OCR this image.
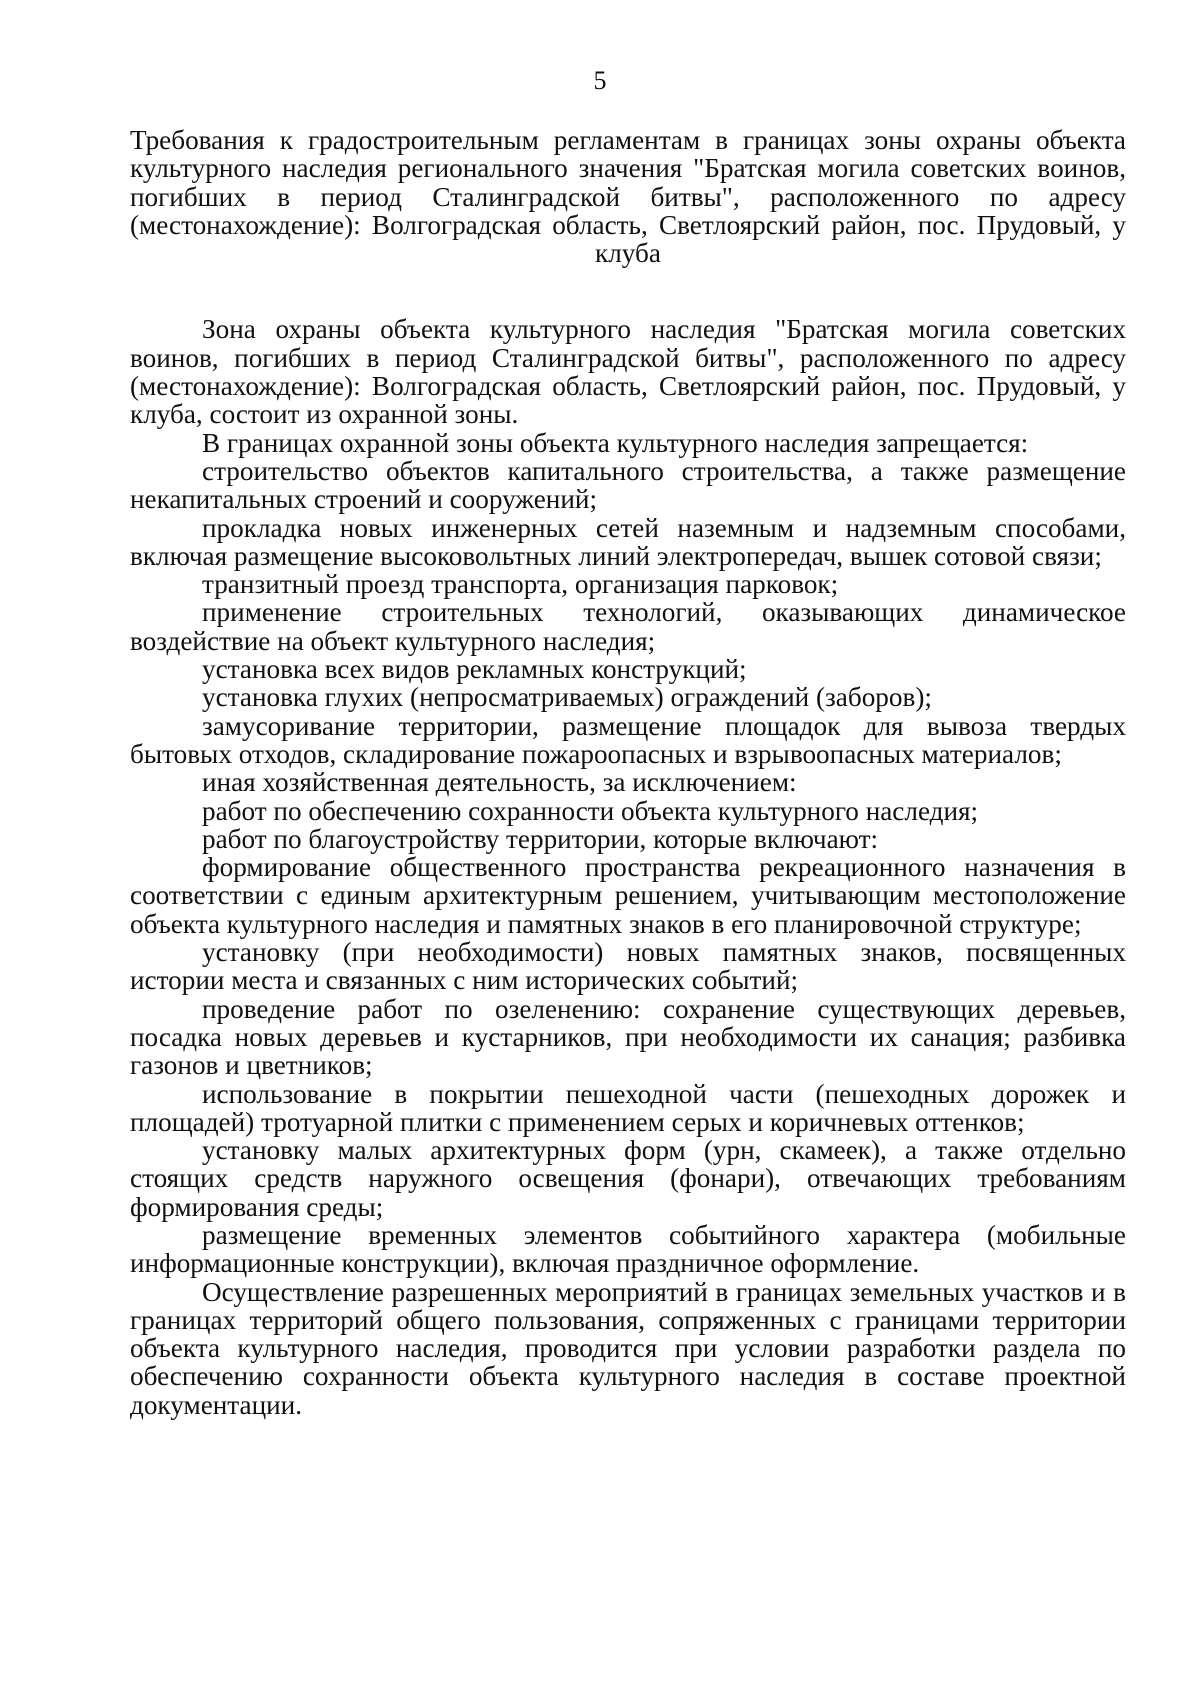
5

Требования к градостроительным регламентам в границах зоны охраны объекта культурного наследия регионального значения "Братская могила советских воинов, погибших в период Сталинградской битвы", расположенного по адресу (местонахождение): Волгоградская область, Светлоярский район, пос. Прудовый, у клуба

Зона охраны объекта культурного наследия "Братская могила советских воинов, погибших в период Сталинградской битвы", расположенного по адресу (местонахождение): Волгоградская область, Светлоярский район, пос. Прудовый, у клуба, состоит из охранной зоны.

В границах охранной зоны объекта культурного наследия запрещается:

строительство объектов капитального строительства, а также размещение некапитальных строений и сооружений;

прокладка новых инженерных сетей наземным и надземным способами, включая размещение высоковольтных линий электропередач, вышек сотовой связи;

транзитный проезд транспорта, организация парковок;

применение строительных технологий, оказывающих динамическое воздействие на объект культурного наследия;

установка всех видов рекламных конструкций;

установка глухих (непросматриваемых) ограждений (заборов);

замусоривание территории, размещение площадок для вывоза твердых бытовых отходов, складирование пожароопасных и взрывоопасных материалов;

иная хозяйственная деятельность, за исключением:

работ по обеспечению сохранности объекта культурного наследия;

работ по благоустройству территории, которые включают:

формирование общественного пространства рекреационного назначения в соответствии с единым архитектурным решением, учитывающим местоположение объекта культурного наследия и памятных знаков в его планировочной структуре;

установку (при необходимости) новых памятных знаков, посвященных истории места и связанных с ним исторических событий;

проведение работ по озеленению: сохранение существующих деревьев, посадка новых деревьев и кустарников, при необходимости их санация; разбивка газонов и цветников;

использование в покрытии пешеходной части (пешеходных дорожек и площадей) тротуарной плитки с применением серых и коричневых оттенков;

установку малых архитектурных форм (урн, скамеек), а также отдельно стоящих средств наружного освещения (фонари), отвечающих требованиям формирования среды;

размещение временных элементов событийного характера (мобильные информационные конструкции), включая праздничное оформление.

Осуществление разрешенных мероприятий в границах земельных участков и в границах территорий общего пользования, сопряженных с границами территории объекта культурного наследия, проводится при условии разработки раздела по обеспечению сохранности объекта культурного наследия в составе проектной документации.
